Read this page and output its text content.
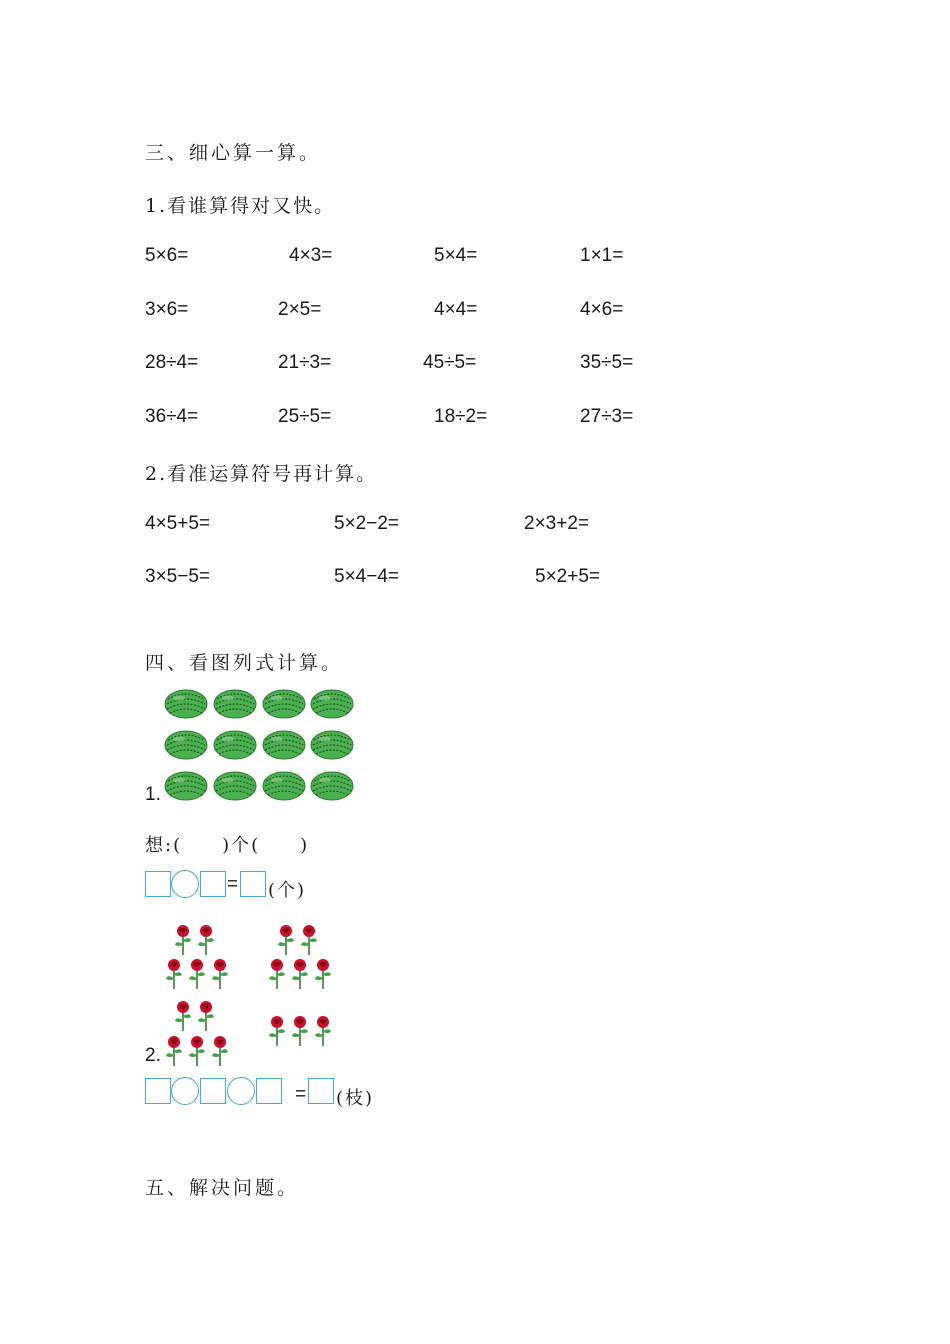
三、细心算一算。
1.看谁算得对又快。
5×6=	4×3=	5×4=	1×1=
3×6=	2×5=	4×4=	4×6=
28÷4=	21÷3=	45÷5=	35÷5=
36÷4=	25÷5=	18÷2=	27÷3=
2.看准运算符号再计算。
4×5+5=	5×2−2=	2×3+2=
3×5−5=	5×4−4=	5×2+5=
四、看图列式计算。
1.
想:(　　)个(　　)
= (个)
2.
= (枝)
五、解决问题。
